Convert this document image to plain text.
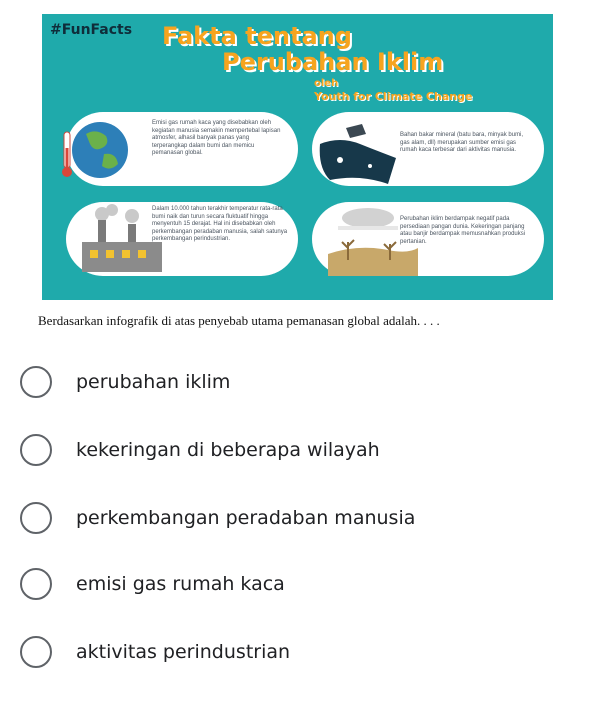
#FunFacts Fakta tentang
Perubahan Iklim
oleh
Youth for Climate Change
Emisi gas rumah kaca yang disebabkan oleh kegiatan manusia semakin mempertebal lapisan atmosfer, alhasil banyak panas yang terperangkap dalam bumi dan memicu pemanasan global.
Bahan bakar mineral (batu bara, minyak bumi, gas alam, dll) merupakan sumber emisi gas rumah kaca terbesar dari aktivitas manusia.
Dalam 10.000 tahun terakhir temperatur rata-rata bumi naik dan turun secara fluktuatif hingga menyentuh 15 derajat. Hal ini disebabkan oleh perkembangan peradaban manusia, salah satunya perkembangan perindustrian.
Perubahan iklim berdampak negatif pada persediaan pangan dunia. Kekeringan panjang atau banjir berdampak memusnahkan produksi pertanian.
Berdasarkan infografik di atas penyebab utama pemanasan global adalah. . . .
perubahan iklim
kekeringan di beberapa wilayah
perkembangan peradaban manusia
emisi gas rumah kaca
aktivitas perindustrian
